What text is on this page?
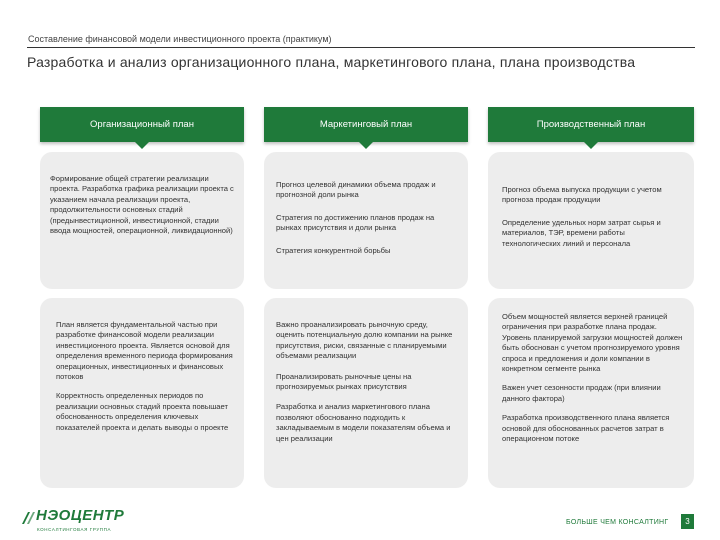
Составление финансовой модели инвестиционного проекта (практикум)
Разработка и анализ организационного плана, маркетингового плана, плана производства
Организационный план	Маркетинговый план	Производственный план

Формирование общей стратегии реализации проекта. Разработка графика реализации проекта с указанием начала реализации проекта, продолжительности основных стадий (предынвестиционной, инвестиционной, стадии ввода мощностей, операционной, ликвидационной)

Прогноз целевой динамики объема продаж и прогнозной доли рынка

Стратегия по достижению планов продаж на рынках присутствия и доли рынка

Стратегия конкурентной борьбы

Прогноз объема выпуска продукции с учетом прогноза продаж продукции

Определение удельных норм затрат сырья и материалов, ТЭР, времени работы технологических линий и персонала

План является фундаментальной частью при разработке финансовой модели реализации инвестиционного проекта. Является основой для определения временного периода формирования операционных, инвестиционных и финансовых потоков

Корректность определенных периодов по реализации основных стадий проекта повышает обоснованность определения ключевых показателей проекта и делать выводы о проекте

Важно проанализировать рыночную среду, оценить потенциальную долю компании на рынке присутствия, риски, связанные с планируемыми объемами реализации

Проанализировать рыночные цены на прогнозируемых рынках присутствия

Разработка и анализ маркетингового плана позволяют обоснованно подходить к закладываемым в модели показателям объема и цен реализации

Объем мощностей является верхней границей ограничения при разработке плана продаж. Уровень планируемой загрузки мощностей должен быть обоснован с учетом прогнозируемого уровня спроса и предложения и доли компании в конкретном сегменте рынка

Важен учет сезонности продаж (при влиянии данного фактора)

Разработка производственного плана является основой для обоснованных расчетов затрат в операционном потоке

НЭОЦЕНТР
КОНСАЛТИНГОВАЯ ГРУППА
БОЛЬШЕ ЧЕМ КОНСАЛТИНГ	3
